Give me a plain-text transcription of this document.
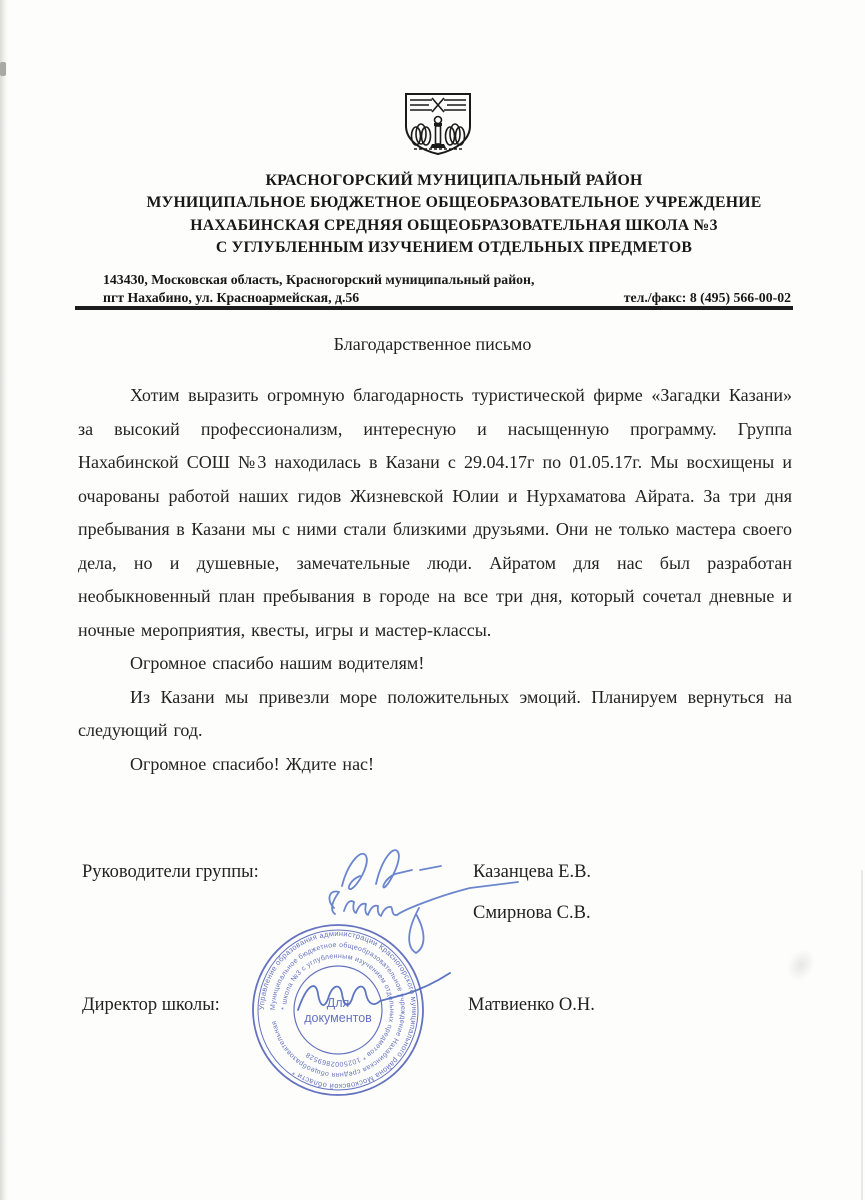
КРАСНОГОРСКИЙ МУНИЦИПАЛЬНЫЙ РАЙОН
МУНИЦИПАЛЬНОЕ БЮДЖЕТНОЕ ОБЩЕОБРАЗОВАТЕЛЬНОЕ УЧРЕЖДЕНИЕ
НАХАБИНСКАЯ СРЕДНЯЯ ОБЩЕОБРАЗОВАТЕЛЬНАЯ ШКОЛА №3
С УГЛУБЛЕННЫМ ИЗУЧЕНИЕМ ОТДЕЛЬНЫХ ПРЕДМЕТОВ
143430, Московская область, Красногорский муниципальный район,
пгт Нахабино, ул. Красноармейская, д.56	тел./факс: 8 (495) 566-00-02
Благодарственное письмо

Хотим выразить огромную благодарность туристической фирме «Загадки Казани» за высокий профессионализм, интересную и насыщенную программу. Группа Нахабинской СОШ №3 находилась в Казани с 29.04.17г по 01.05.17г. Мы восхищены и очарованы работой наших гидов Жизневской Юлии и Нурхаматова Айрата. За три дня пребывания в Казани мы с ними стали близкими друзьями. Они не только мастера своего дела, но и душевные, замечательные люди. Айратом для нас был разработан необыкновенный план пребывания в городе на все три дня, который сочетал дневные и ночные мероприятия, квесты, игры и мастер-классы.

Огромное спасибо нашим водителям!

Из Казани мы привезли море положительных эмоций. Планируем вернуться на следующий год.

Огромное спасибо! Ждите нас!

Руководители группы:	Казанцева Е.В.
Смирнова С.В.
Директор школы:	Матвиенко О.Н.
Управление образования администрации Красногорского муниципального района Московской области *
Муниципальное бюджетное общеобразовательное учреждение Нахабинская средняя общеобразовательная
* школа №3 с углубленным изучением отдельных предметов * 1025002869528
Для
документов
